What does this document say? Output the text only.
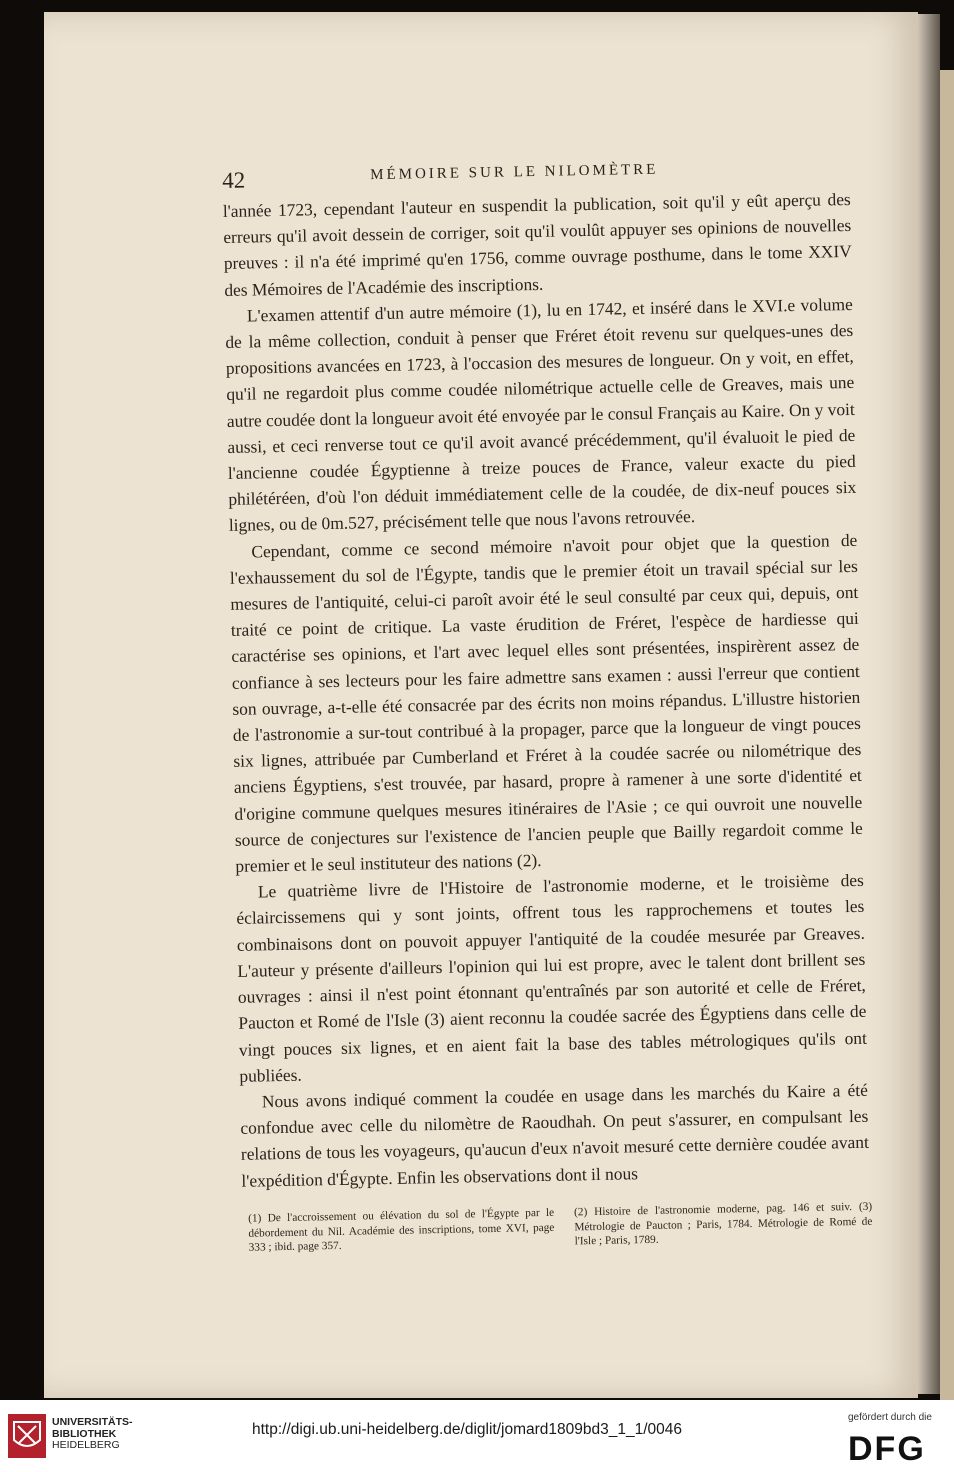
42	MÉMOIRE SUR LE NILOMÈTRE

l'année 1723, cependant l'auteur en suspendit la publication, soit qu'il y eût aperçu des erreurs qu'il avoit dessein de corriger, soit qu'il voulût appuyer ses opinions de nouvelles preuves : il n'a été imprimé qu'en 1756, comme ouvrage posthume, dans le tome XXIV des Mémoires de l'Académie des inscriptions.

L'examen attentif d'un autre mémoire (1), lu en 1742, et inséré dans le XVI.e volume de la même collection, conduit à penser que Fréret étoit revenu sur quelques-unes des propositions avancées en 1723, à l'occasion des mesures de longueur. On y voit, en effet, qu'il ne regardoit plus comme coudée nilométrique actuelle celle de Greaves, mais une autre coudée dont la longueur avoit été envoyée par le consul Français au Kaire. On y voit aussi, et ceci renverse tout ce qu'il avoit avancé précédemment, qu'il évaluoit le pied de l'ancienne coudée Égyptienne à treize pouces de France, valeur exacte du pied philétéréen, d'où l'on déduit immédiatement celle de la coudée, de dix-neuf pouces six lignes, ou de 0m.527, précisément telle que nous l'avons retrouvée.

Cependant, comme ce second mémoire n'avoit pour objet que la question de l'exhaussement du sol de l'Égypte, tandis que le premier étoit un travail spécial sur les mesures de l'antiquité, celui-ci paroît avoir été le seul consulté par ceux qui, depuis, ont traité ce point de critique. La vaste érudition de Fréret, l'espèce de hardiesse qui caractérise ses opinions, et l'art avec lequel elles sont présentées, inspirèrent assez de confiance à ses lecteurs pour les faire admettre sans examen : aussi l'erreur que contient son ouvrage, a-t-elle été consacrée par des écrits non moins répandus. L'illustre historien de l'astronomie a sur-tout contribué à la propager, parce que la longueur de vingt pouces six lignes, attribuée par Cumberland et Fréret à la coudée sacrée ou nilométrique des anciens Égyptiens, s'est trouvée, par hasard, propre à ramener à une sorte d'identité et d'origine commune quelques mesures itinéraires de l'Asie ; ce qui ouvroit une nouvelle source de conjectures sur l'existence de l'ancien peuple que Bailly regardoit comme le premier et le seul instituteur des nations (2).

Le quatrième livre de l'Histoire de l'astronomie moderne, et le troisième des éclaircissemens qui y sont joints, offrent tous les rapprochemens et toutes les combinaisons dont on pouvoit appuyer l'antiquité de la coudée mesurée par Greaves. L'auteur y présente d'ailleurs l'opinion qui lui est propre, avec le talent dont brillent ses ouvrages : ainsi il n'est point étonnant qu'entraînés par son autorité et celle de Fréret, Paucton et Romé de l'Isle (3) aient reconnu la coudée sacrée des Égyptiens dans celle de vingt pouces six lignes, et en aient fait la base des tables métrologiques qu'ils ont publiées.

Nous avons indiqué comment la coudée en usage dans les marchés du Kaire a été confondue avec celle du nilomètre de Raoudhah. On peut s'assurer, en compulsant les relations de tous les voyageurs, qu'aucun d'eux n'avoit mesuré cette dernière coudée avant l'expédition d'Égypte. Enfin les observations dont il nous

(1) De l'accroissement ou élévation du sol de l'Égypte par le débordement du Nil. Académie des inscriptions, tome XVI, page 333 ; ibid. page 357.
(2) Histoire de l'astronomie moderne, pag. 146 et suiv. (3) Métrologie de Paucton ; Paris, 1784. Métrologie de Romé de l'Isle ; Paris, 1789.
UNIVERSITÄTS-
BIBLIOTHEK
HEIDELBERG
http://digi.ub.uni-heidelberg.de/diglit/jomard1809bd3_1_1/0046
gefördert durch die
DFG
